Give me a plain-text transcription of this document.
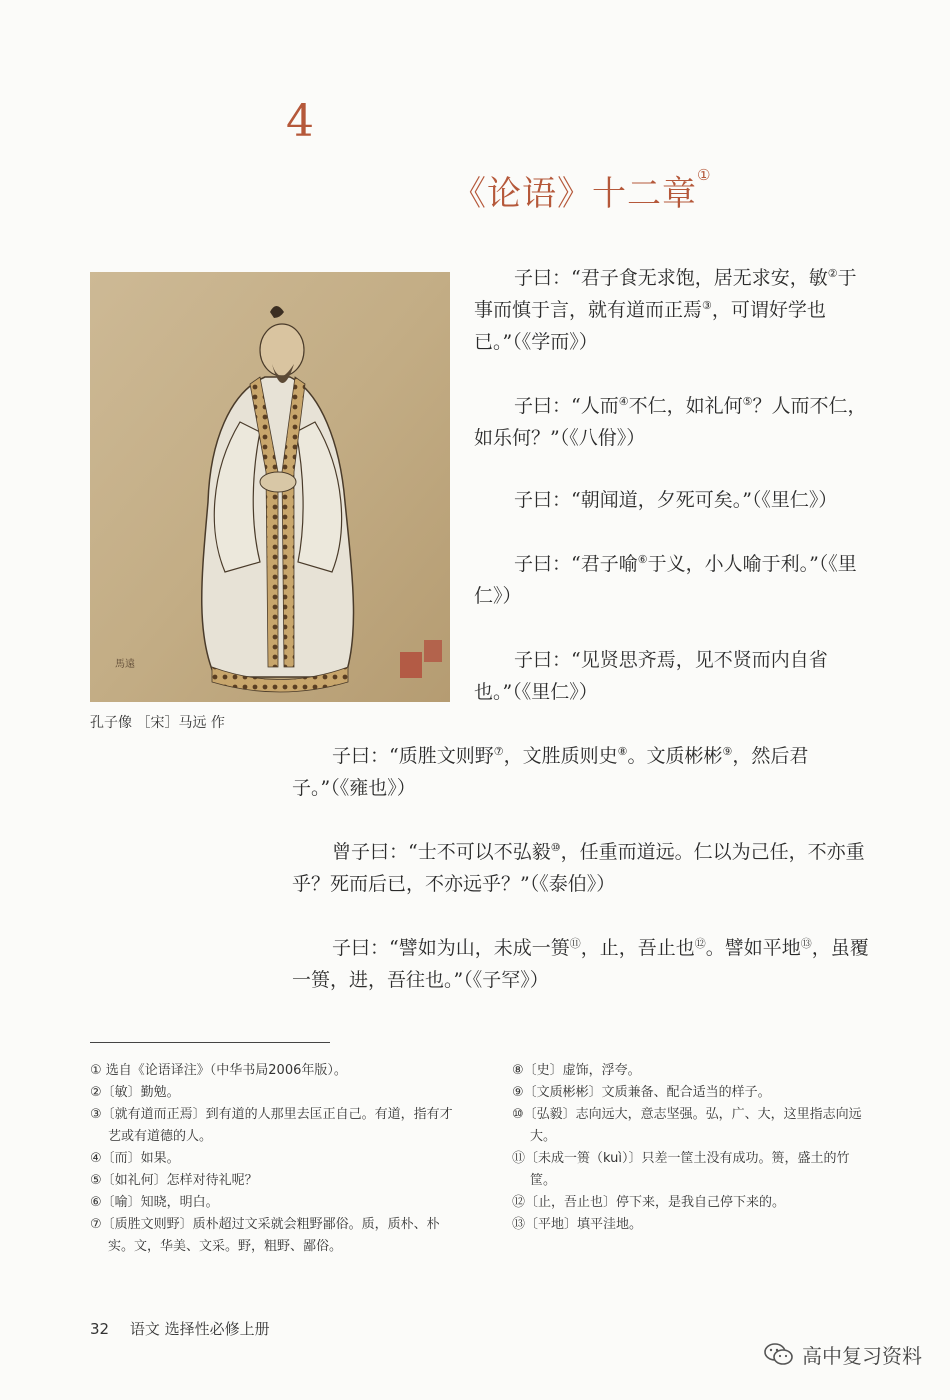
4
《论语》十二章①
馬遠
孔子像 ［宋］马远 作

子曰：“君子食无求饱，居无求安，敏②于事而慎于言，就有道而正焉③，可谓好学也已。”（《学而》）

子曰：“人而④不仁，如礼何⑤？人而不仁，如乐何？”（《八佾》）

子曰：“朝闻道，夕死可矣。”（《里仁》）

子曰：“君子喻⑥于义，小人喻于利。”（《里仁》）

子曰：“见贤思齐焉，见不贤而内自省也。”（《里仁》）

子曰：“质胜文则野⑦，文胜质则史⑧。文质彬彬⑨，然后君子。”（《雍也》）

曾子曰：“士不可以不弘毅⑩，任重而道远。仁以为己任，不亦重乎？死而后已，不亦远乎？”（《泰伯》）

子曰：“譬如为山，未成一篑⑪，止，吾止也⑫。譬如平地⑬，虽覆一篑，进，吾往也。”（《子罕》）

① 选自《论语译注》（中华书局2006年版）。
②〔敏〕勤勉。
③〔就有道而正焉〕到有道的人那里去匡正自己。有道，指有才艺或有道德的人。
④〔而〕如果。
⑤〔如礼何〕怎样对待礼呢？
⑥〔喻〕知晓，明白。
⑦〔质胜文则野〕质朴超过文采就会粗野鄙俗。质，质朴、朴实。文，华美、文采。野，粗野、鄙俗。
⑧〔史〕虚饰，浮夸。
⑨〔文质彬彬〕文质兼备、配合适当的样子。
⑩〔弘毅〕志向远大，意志坚强。弘，广、大，这里指志向远大。
⑪〔未成一篑（kuì）〕只差一筐土没有成功。篑，盛土的竹筐。
⑫〔止，吾止也〕停下来，是我自己停下来的。
⑬〔平地〕填平洼地。
32 语文 选择性必修上册
高中复习资料
